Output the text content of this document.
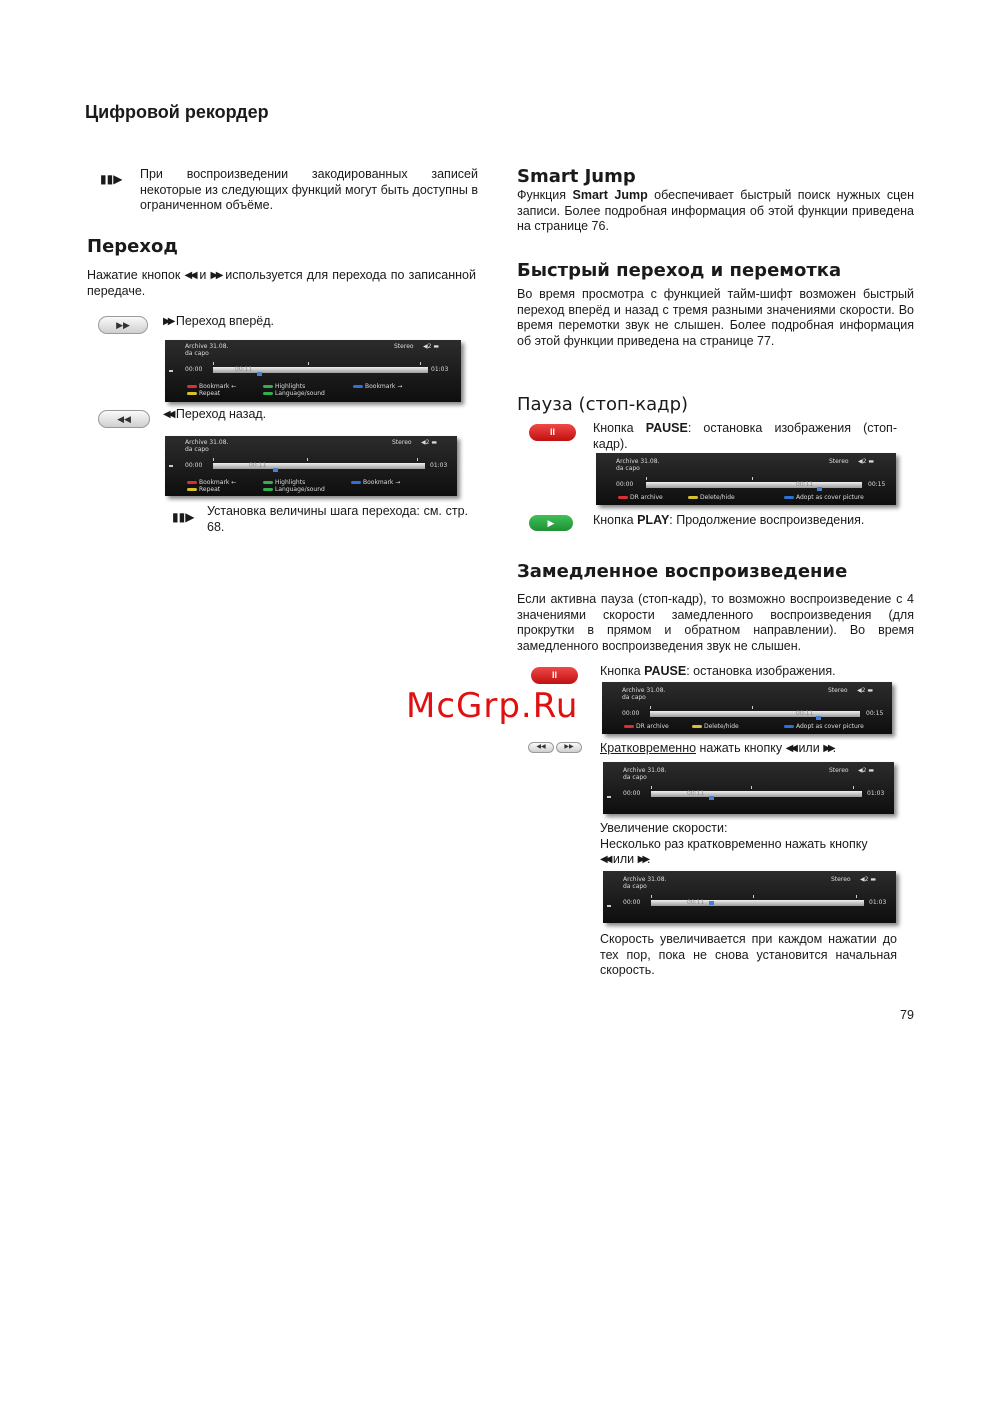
Цифровой рекордер
▮▮▶ При воспроизведении закодированных записей некоторые из следующих функций могут быть доступны в ограниченном объёме.

Переход

Нажатие кнопок ◀◀ и ▶▶ используется для перехода по записанной передаче.

▶▶	▶▶ Переход вперёд.
Archive 31.08.
da capo
Stereo ◀2 ▬
00:00	00:11	01:03
Bookmark ←
Repeat
Highlights
Language/sound
Bookmark →
◀◀	◀◀ Переход назад.
Archive 31.08.
da capo
Stereo ◀2 ▬
00:00	00:11	01:03
Bookmark ←
Repeat
Highlights
Language/sound
Bookmark →
▮▮▶ Установка величины шага перехода: см. стр. 68.

Smart Jump

Функция Smart Jump обеспечивает быстрый поиск нужных сцен записи. Более подробная информация об этой функции приведена на странице 76.

Быстрый переход и перемотка

Во время просмотра с функцией тайм-шифт возможен быстрый переход вперёд и назад с тремя разными значениями скорости. Во время перемотки звук не слышен. Более подробная информация об этой функции приведена на странице 77.

Пауза (стоп-кадр)
II	Кнопка PAUSE: остановка изображения (стоп-кадр).

Archive 31.08.
da capo
Stereo ◀2 ▬
00:00	00:11	00:15
DR archive	Delete/hide	Adopt as cover picture
▶	Кнопка PLAY: Продолжение воспроизведения.

Замедленное воспроизведение

Если активна пауза (стоп-кадр), то возможно воспроизведение с 4 значениями скорости замедленного воспроизведения (для прокрутки в прямом и обратном направлении). Во время замедленного воспроизведения звук не слышен.

II	Кнопка PAUSE: остановка изображения.

Archive 31.08.
da capo
Stereo ◀2 ▬
00:00	00:11	00:15
DR archive	Delete/hide	Adopt as cover picture
◀◀	▶▶	Кратковременно нажать кнопку ◀◀ или ▶▶.

Archive 31.08.
da capo
Stereo ◀2 ▬
00:00	00:11	01:03

Увеличение скорости:
Несколько раз кратковременно нажать кнопку
◀◀ или ▶▶.

Archive 31.08.
da capo
Stereo ◀2 ▬
00:00	00:11	01:03

Скорость увеличивается при каждом нажатии до тех пор, пока не снова установится начальная скорость.

McGrp.Ru
79
